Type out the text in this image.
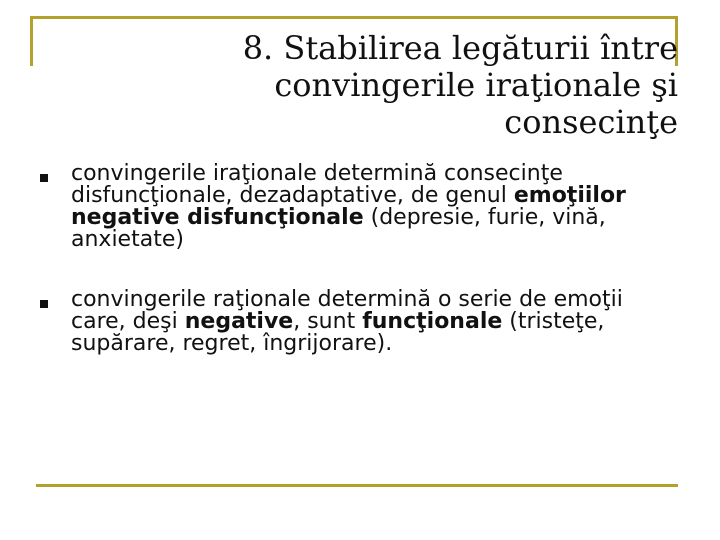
8. Stabilirea legăturii între
convingerile iraţionale şi
consecinţe
convingerile iraţionale determină consecinţe disfuncţionale, dezadaptative, de genul emoţiilor negative disfuncţionale (depresie, furie, vină, anxietate)
convingerile raţionale determină o serie de emoţii care, deşi negative, sunt funcţionale (tristeţe, supărare, regret, îngrijorare).
